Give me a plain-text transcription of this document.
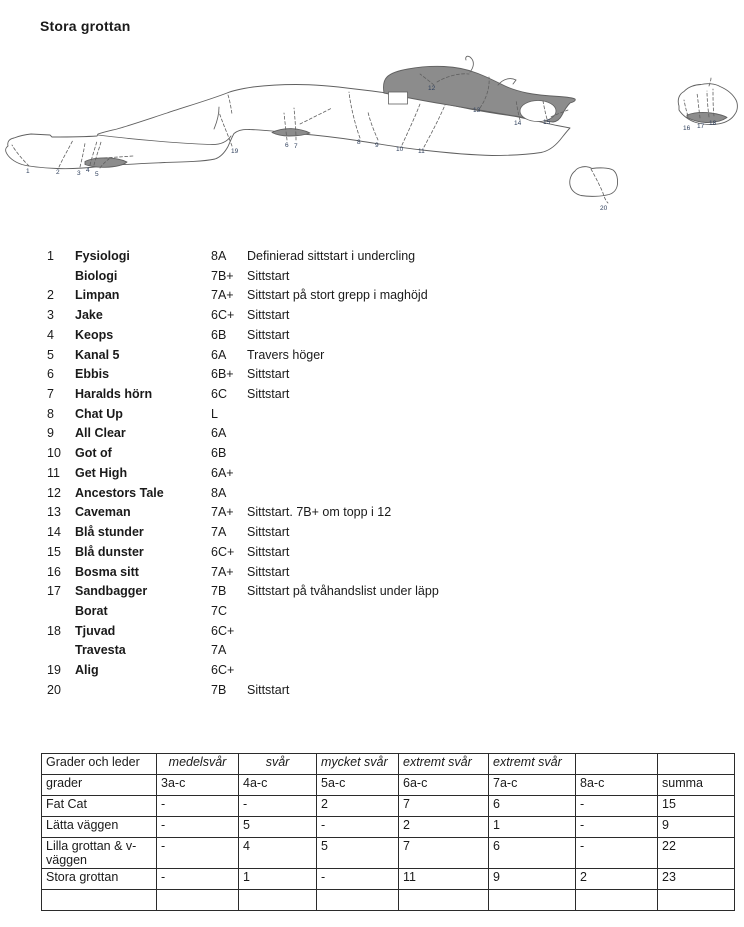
Stora grottan
1	2	3 4
5
6 7
8 9
10 11
12
13
14	15
16 17 18
19
20
1 Fysiologi	8A Definierad sittstart i undercling
Biologi	7B+ Sittstart
2 Limpan	7A+ Sittstart på stort grepp i maghöjd
3 Jake	6C+ Sittstart
4 Keops	6B Sittstart
5 Kanal 5	6A Travers höger
6 Ebbis	6B+ Sittstart
7 Haralds hörn	6C Sittstart
8 Chat Up	L
9 All Clear	6A
10 Got of	6B
11 Get High	6A+
12 Ancestors Tale	8A
13 Caveman	7A+ Sittstart. 7B+ om topp i 12
14 Blå stunder	7A Sittstart
15 Blå dunster	6C+ Sittstart
16 Bosma sitt	7A+ Sittstart
17 Sandbagger	7B Sittstart på tvåhandslist under läpp
Borat	7C
18 Tjuvad	6C+
Travesta	7A
19 Alig	6C+
20	7B Sittstart
Grader och leder	medelsvår	svår	mycket svår	extremt svår	extremt svår		
grader	3a-c	4a-c	5a-c	6a-c	7a-c	8a-c	summa
Fat Cat	-	-	2	7	6	-	15
Lätta väggen	-	5	-	2	1	-	9
Lilla grottan & v-väggen	-	4	5	7	6	-	22
Stora grottan	-	1	-	11	9	2	23
